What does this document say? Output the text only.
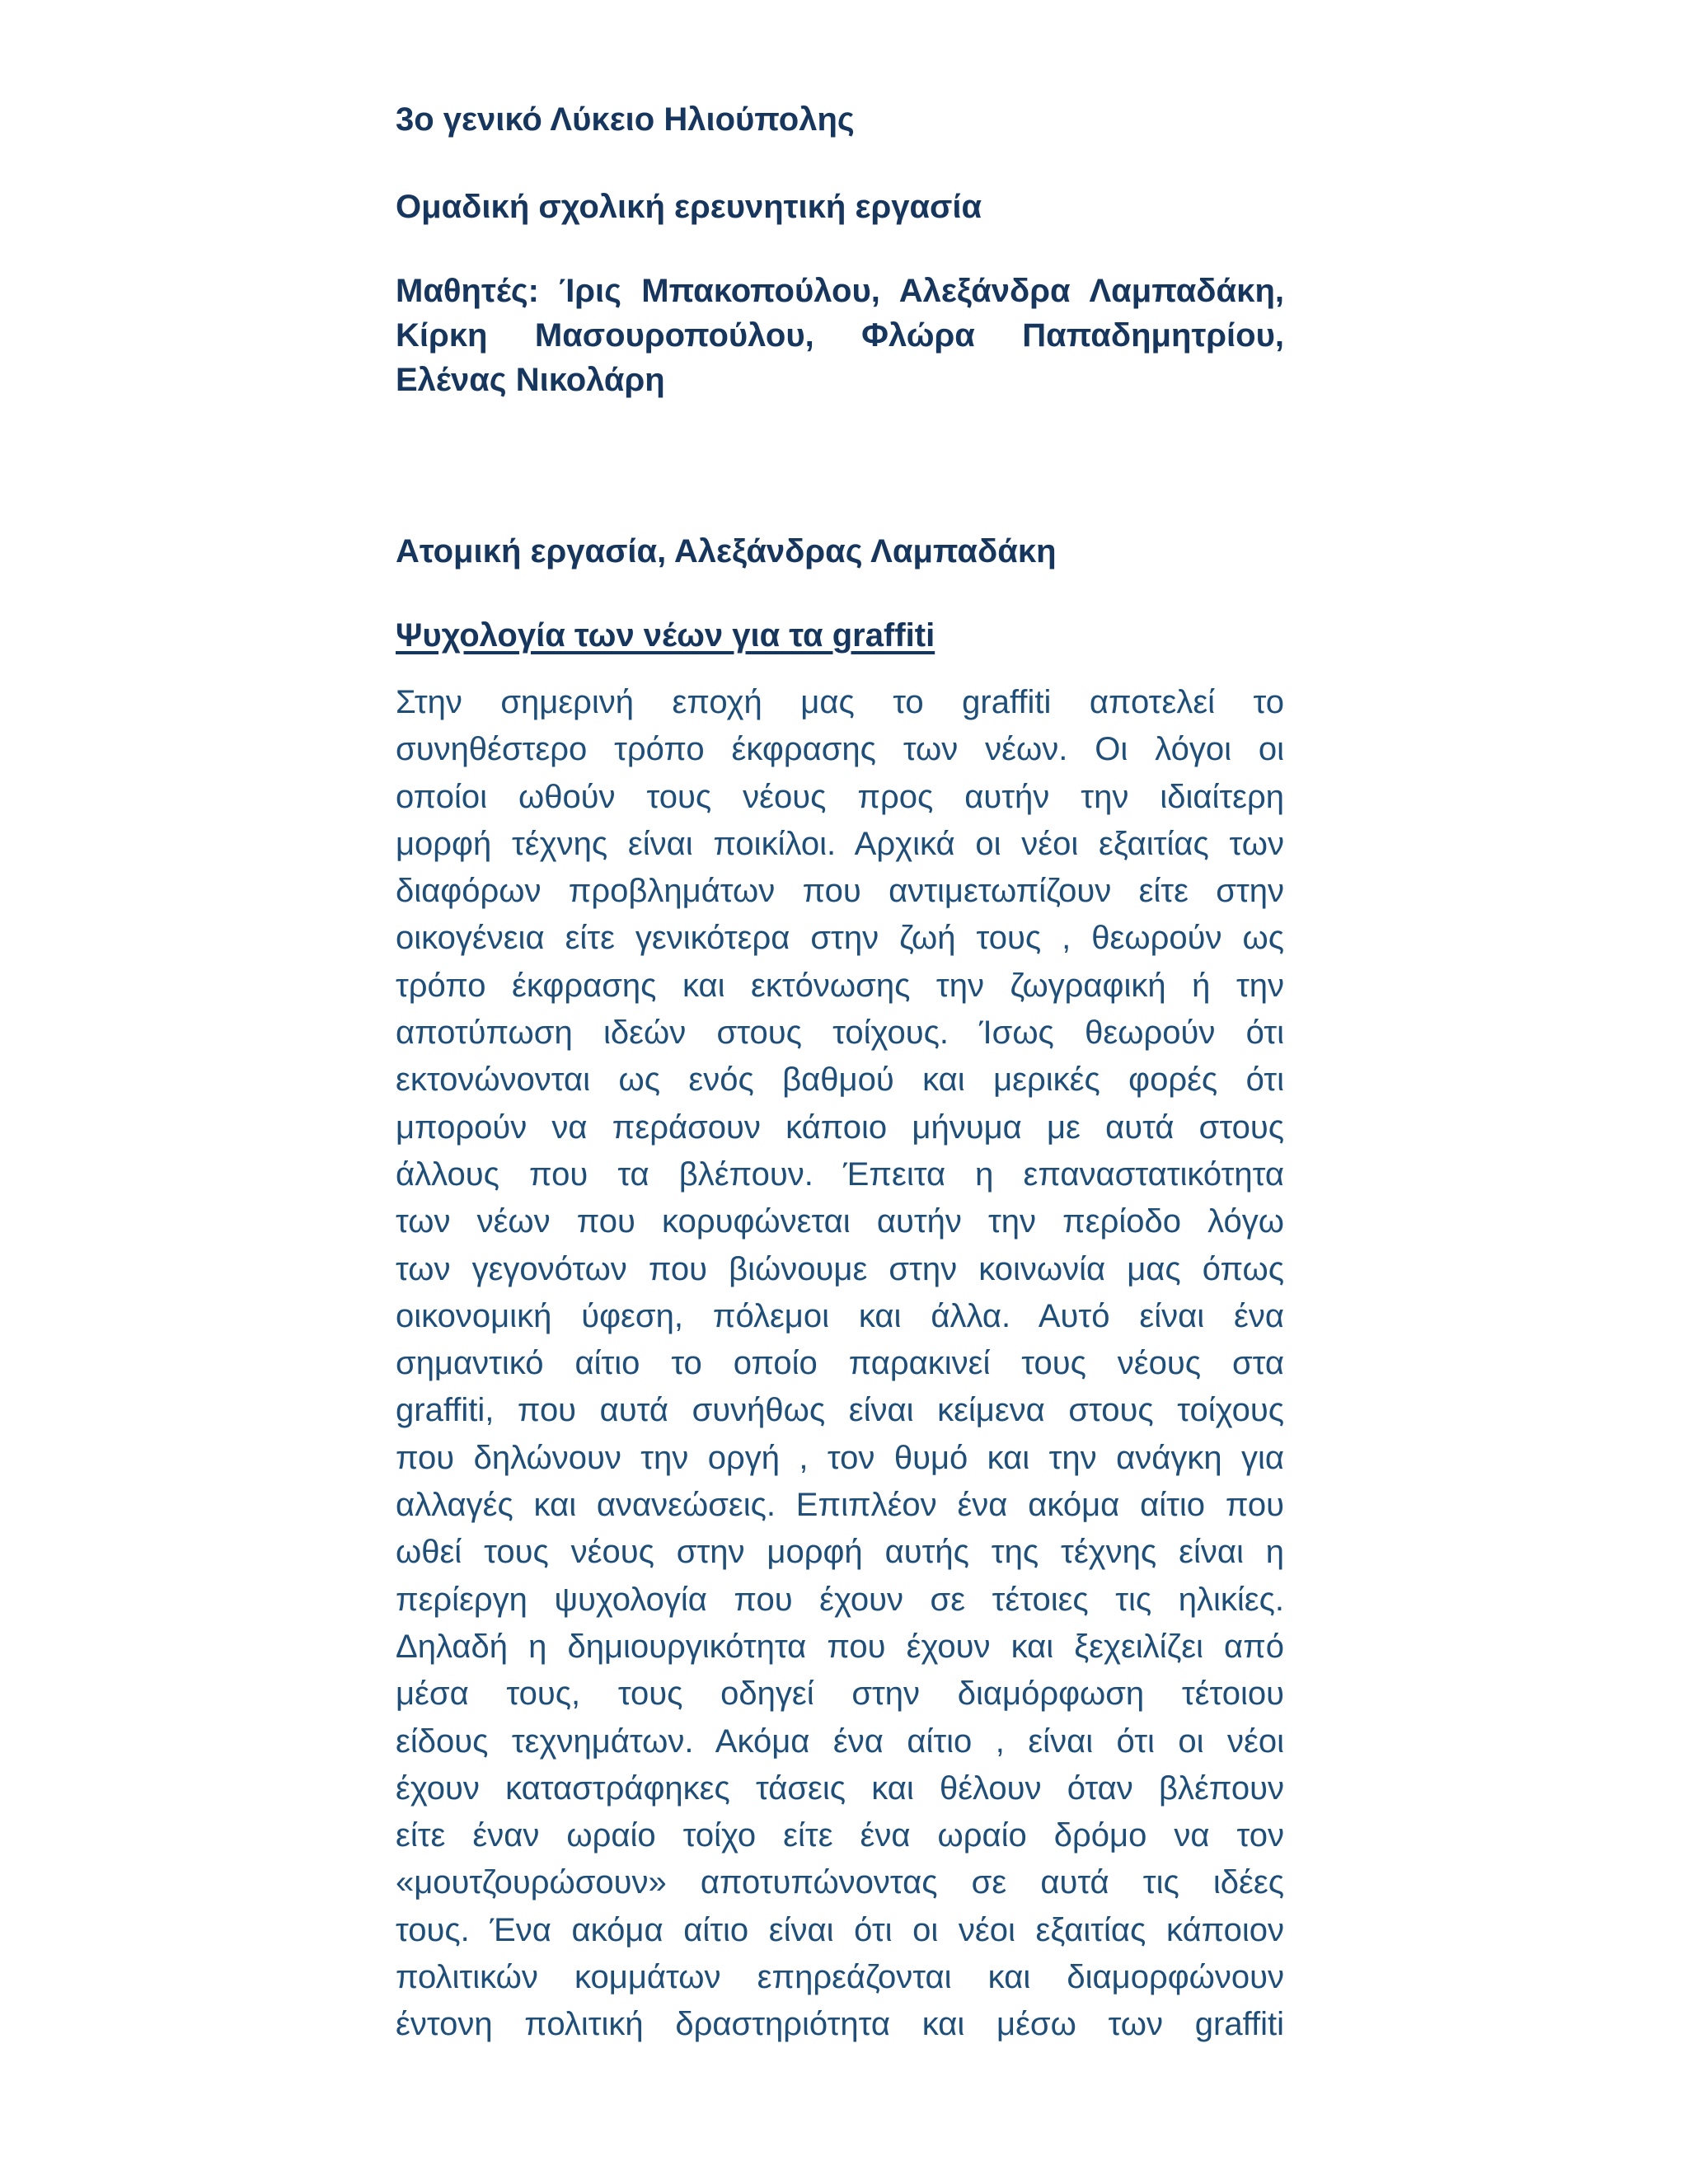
3ο γενικό Λύκειο Ηλιούπολης

Ομαδική σχολική ερευνητική εργασία

Μαθητές: Ίρις Μπακοπούλου, Αλεξάνδρα Λαμπαδάκη,
Κίρκη Μασουροπούλου, Φλώρα Παπαδημητρίου,
Ελένας Νικολάρη

Ατομική εργασία, Αλεξάνδρας Λαμπαδάκη

Ψυχολογία των νέων για τα graffiti

Στην σημερινή εποχή μας το graffiti αποτελεί το
συνηθέστερο τρόπο έκφρασης των νέων. Οι λόγοι οι
οποίοι ωθούν τους νέους προς αυτήν την ιδιαίτερη
μορφή τέχνης είναι ποικίλοι. Αρχικά οι νέοι εξαιτίας των
διαφόρων προβλημάτων που αντιμετωπίζουν είτε στην
οικογένεια είτε γενικότερα στην ζωή τους , θεωρούν ως
τρόπο έκφρασης και εκτόνωσης την ζωγραφική ή την
αποτύπωση ιδεών στους τοίχους. Ίσως θεωρούν ότι
εκτονώνονται ως ενός βαθμού και μερικές φορές ότι
μπορούν να περάσουν κάποιο μήνυμα με αυτά στους
άλλους που τα βλέπουν. Έπειτα η επαναστατικότητα
των νέων που κορυφώνεται αυτήν την περίοδο λόγω
των γεγονότων που βιώνουμε στην κοινωνία μας όπως
οικονομική ύφεση, πόλεμοι και άλλα. Αυτό είναι ένα
σημαντικό αίτιο το οποίο παρακινεί τους νέους στα
graffiti, που αυτά συνήθως είναι κείμενα στους τοίχους
που δηλώνουν την οργή , τον θυμό και την ανάγκη για
αλλαγές και ανανεώσεις. Επιπλέον ένα ακόμα αίτιο που
ωθεί τους νέους στην μορφή αυτής της τέχνης είναι η
περίεργη ψυχολογία που έχουν σε τέτοιες τις ηλικίες.
Δηλαδή η δημιουργικότητα που έχουν και ξεχειλίζει από
μέσα τους, τους οδηγεί στην διαμόρφωση τέτοιου
είδους τεχνημάτων. Ακόμα ένα αίτιο , είναι ότι οι νέοι
έχουν καταστράφηκες τάσεις και θέλουν όταν βλέπουν
είτε έναν ωραίο τοίχο είτε ένα ωραίο δρόμο να τον
«μουτζουρώσουν» αποτυπώνοντας σε αυτά τις ιδέες
τους. Ένα ακόμα αίτιο είναι ότι οι νέοι εξαιτίας κάποιον
πολιτικών κομμάτων επηρεάζονται και διαμορφώνουν
έντονη πολιτική δραστηριότητα και μέσω των graffiti
